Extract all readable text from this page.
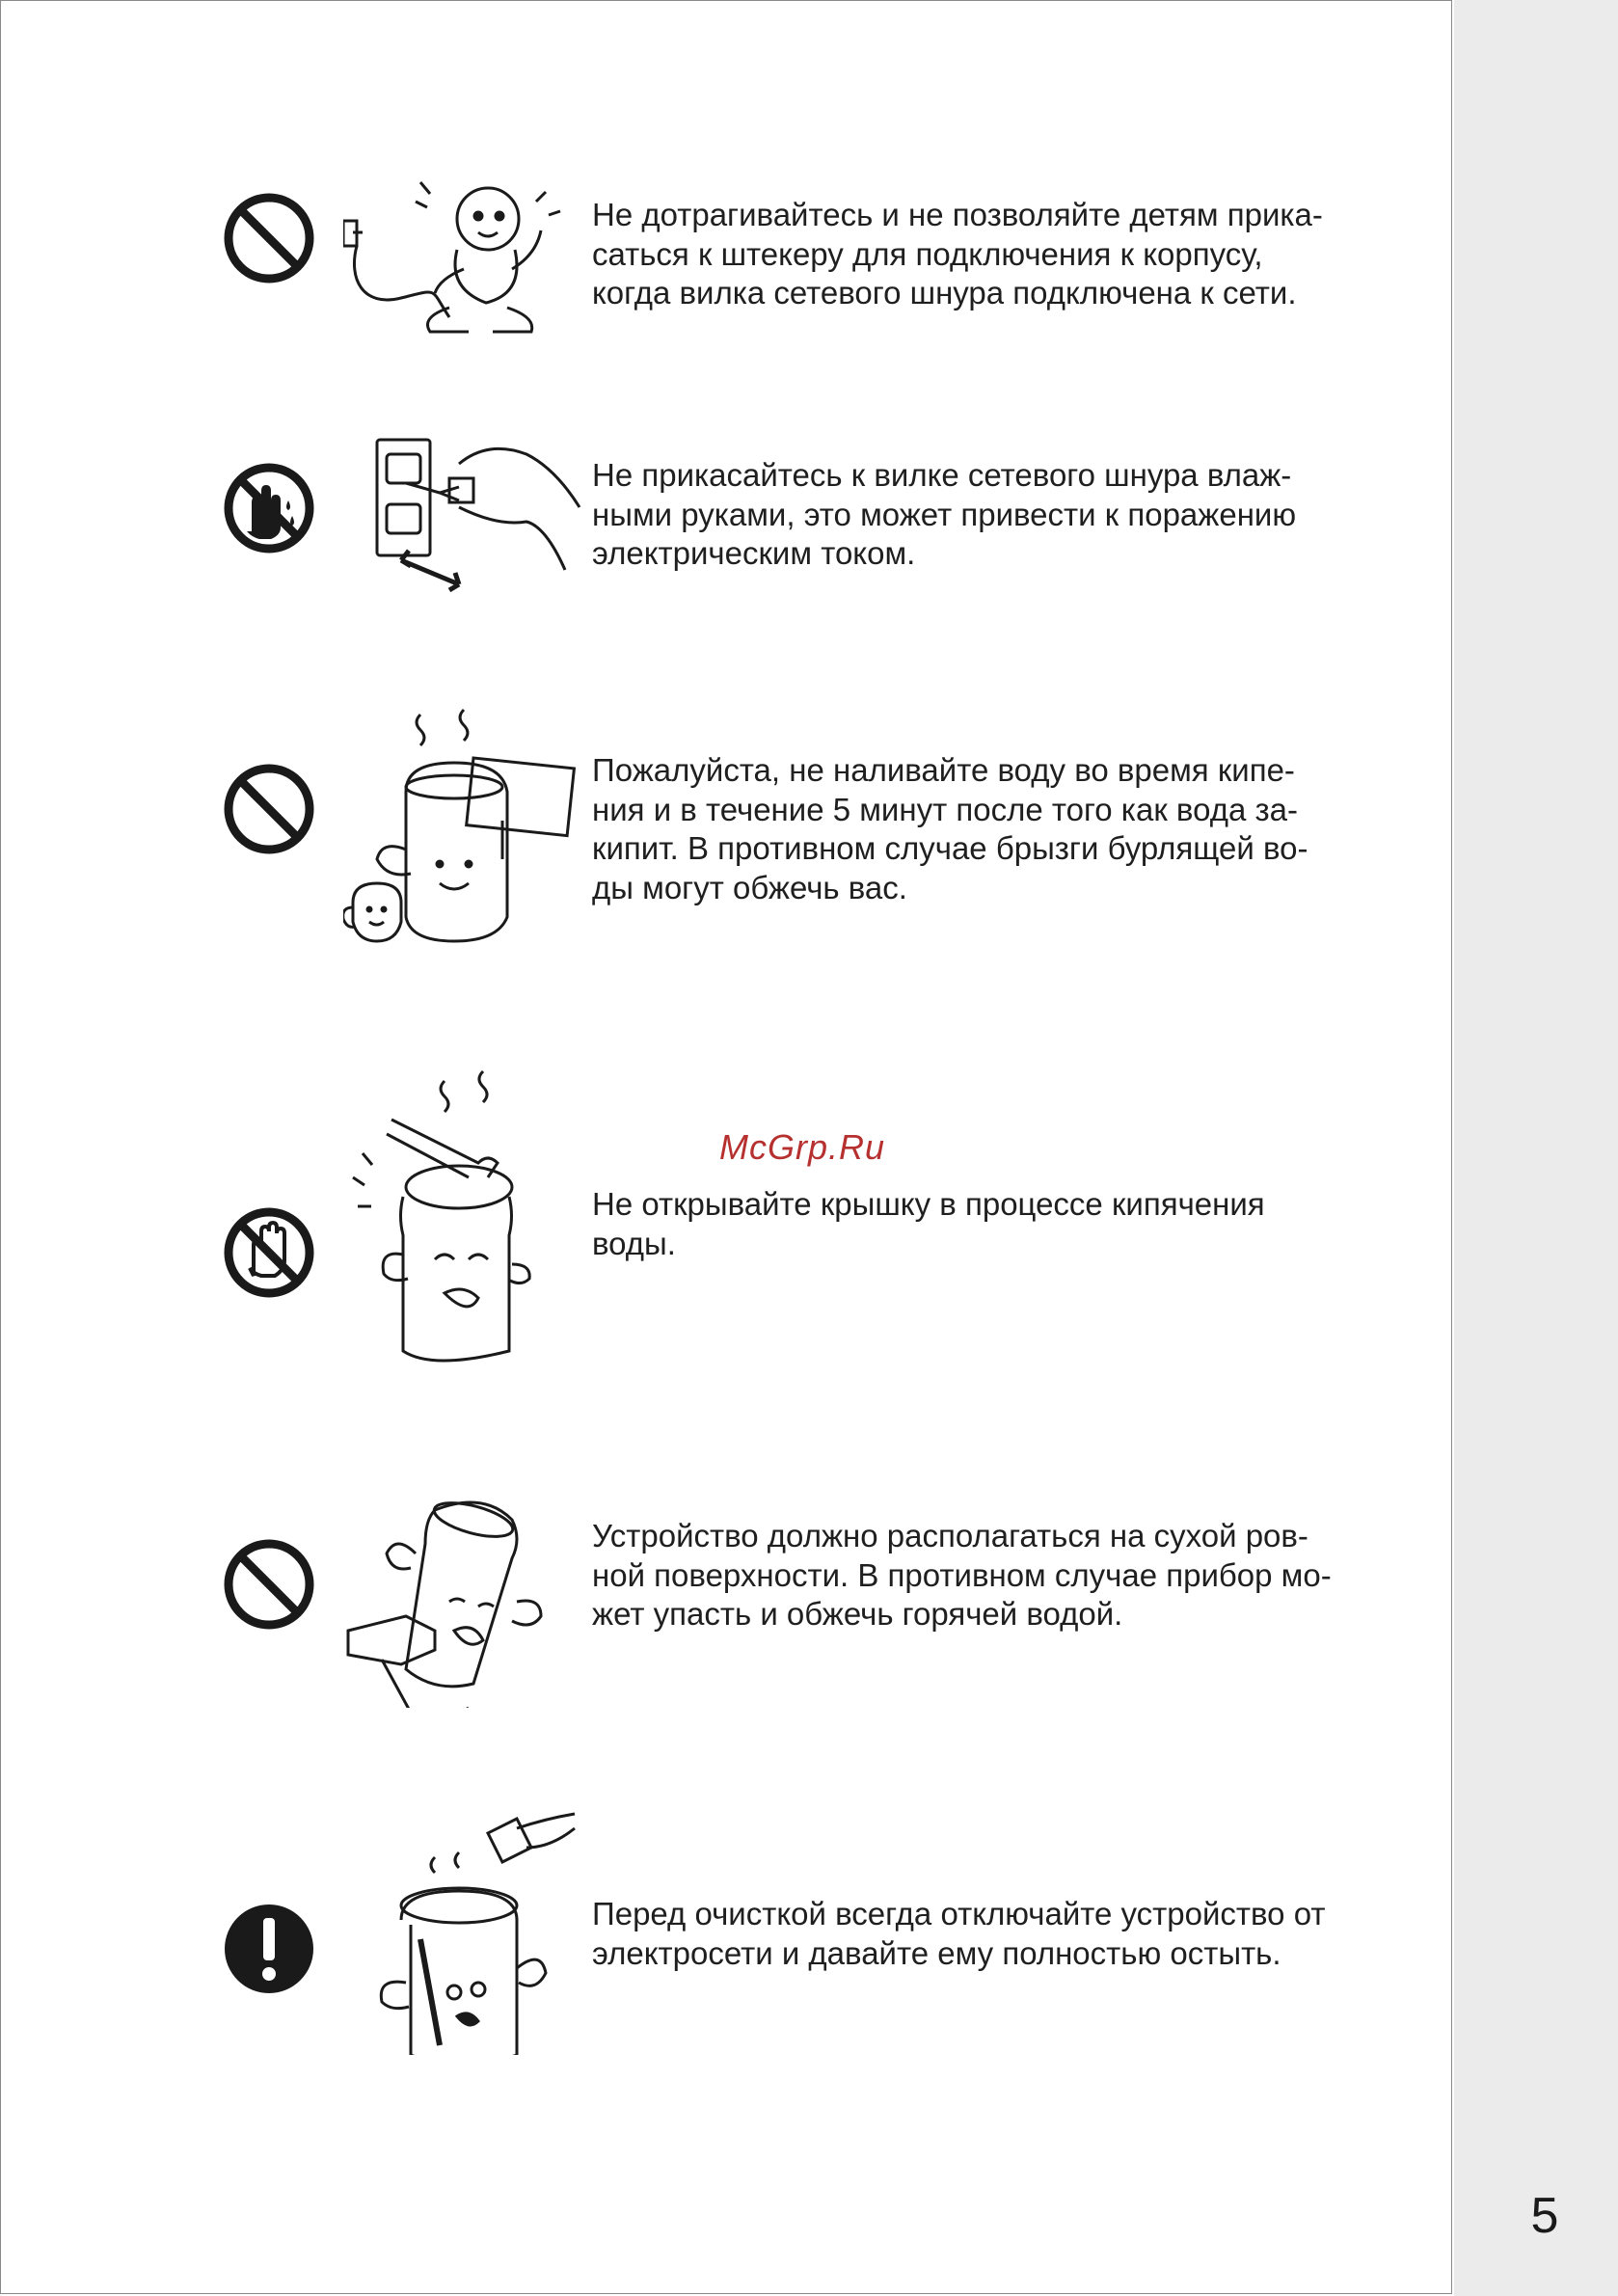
Не дотрагивайтесь и не позволяйте детям прика-
саться к штекеру для подключения к корпусу,
когда вилка сетевого шнура подключена к сети.
Не прикасайтесь к вилке сетевого шнура влаж-
ными руками, это может привести к поражению
электрическим током.
Пожалуйста, не наливайте воду во время кипе-
ния и в течение 5 минут после того как вода за-
кипит. В противном случае брызги бурлящей во-
ды могут обжечь вас.
Не открывайте крышку в процессе кипячения
воды.
Устройство должно располагаться на сухой ров-
ной поверхности. В противном случае прибор мо-
жет упасть и обжечь горячей водой.
Перед очисткой всегда отключайте устройство от
электросети и давайте ему полностью остыть.
McGrp.Ru
5
